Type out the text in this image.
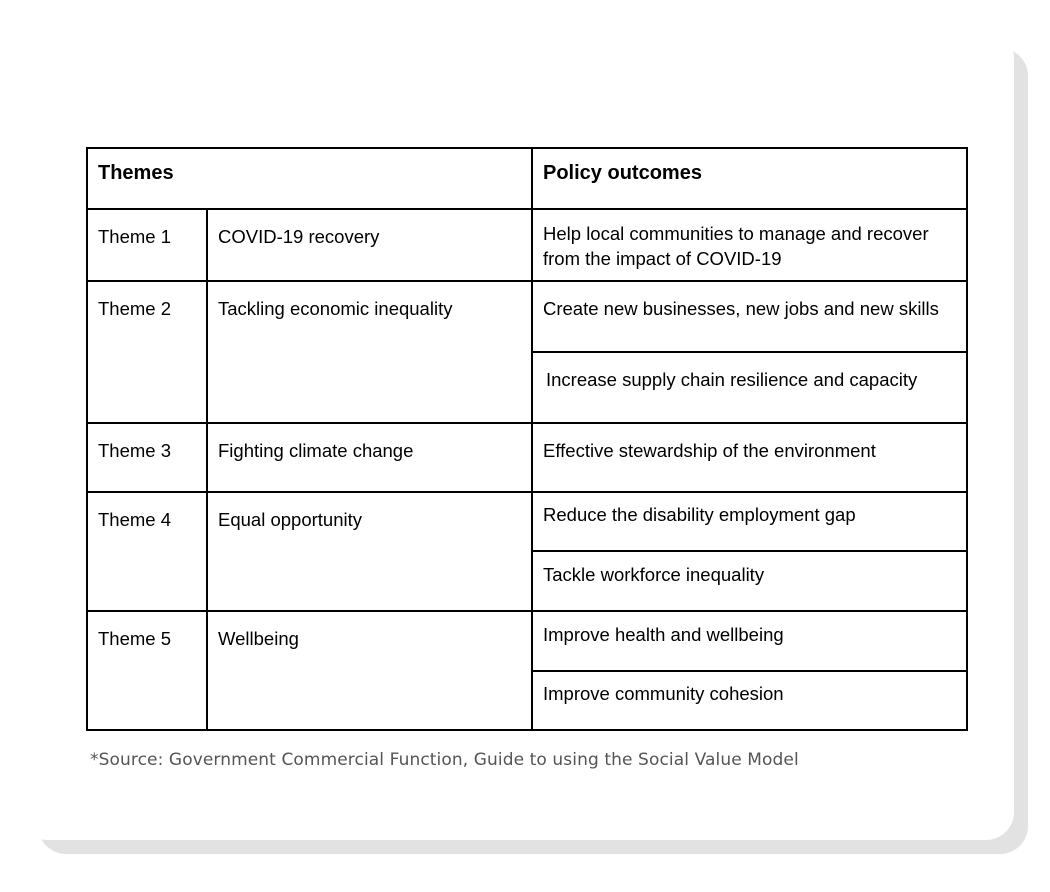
Themes		Policy outcomes
Theme 1	COVID-19 recovery	Help local communities to manage and recover from the impact of COVID-19
Theme 2	Tackling economic inequality	Create new businesses, new jobs and new skills
		Increase supply chain resilience and capacity
Theme 3	Fighting climate change	Effective stewardship of the environment
Theme 4	Equal opportunity	Reduce the disability employment gap
		Tackle workforce inequality
Theme 5	Wellbeing	Improve health and wellbeing
		Improve community cohesion
*Source: Government Commercial Function, Guide to using the Social Value Model
